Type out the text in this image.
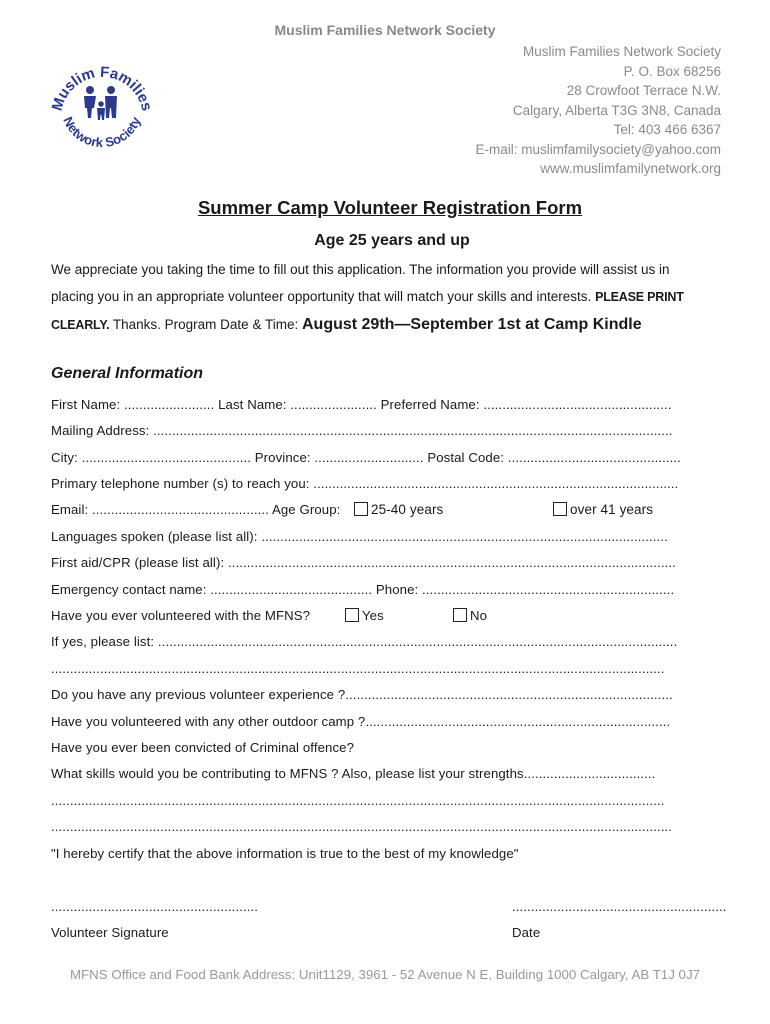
Muslim Families Network Society
Muslim Families Network Society
P. O. Box 68256
28 Crowfoot Terrace N.W.
Calgary, Alberta T3G 3N8, Canada
Tel: 403 466 6367
E-mail: muslimfamilysociety@yahoo.com
www.muslimfamilynetwork.org
Muslim Families
Network Society
Summer Camp Volunteer Registration Form
Age 25 years and up
We appreciate you taking the time to fill out this application. The information you provide will assist us in
placing you in an appropriate volunteer opportunity that will match your skills and interests. PLEASE PRINT
CLEARLY. Thanks. Program Date & Time: August 29th—September 1st at Camp Kindle
General Information
First Name: ........................ Last Name: ....................... Preferred Name: ..................................................
Mailing Address: ..........................................................................................................................................
City: ............................................. Province: ............................. Postal Code: ..............................................
Primary telephone number (s) to reach you: .................................................................................................
Email: ............................................... Age Group:	25-40 years	over 41 years
Languages spoken (please list all): ............................................................................................................
First aid/CPR (please list all): .......................................................................................................................
Emergency contact name: ........................................... Phone: ...................................................................
Have you ever volunteered with the MFNS?	Yes	No
If yes, please list: ..........................................................................................................................................
...................................................................................................................................................................
Do you have any previous volunteer experience ?.......................................................................................
Have you volunteered with any other outdoor camp ?.................................................................................
Have you ever been convicted of Criminal offence?
What skills would you be contributing to MFNS ? Also, please list your strengths...................................
...................................................................................................................................................................
.....................................................................................................................................................................
"I hereby certify that the above information is true to the best of my knowledge"
.......................................................	.........................................................
Volunteer Signature	Date
MFNS Office and Food Bank Address: Unit1129, 3961 - 52 Avenue N E, Building 1000 Calgary, AB T1J 0J7
